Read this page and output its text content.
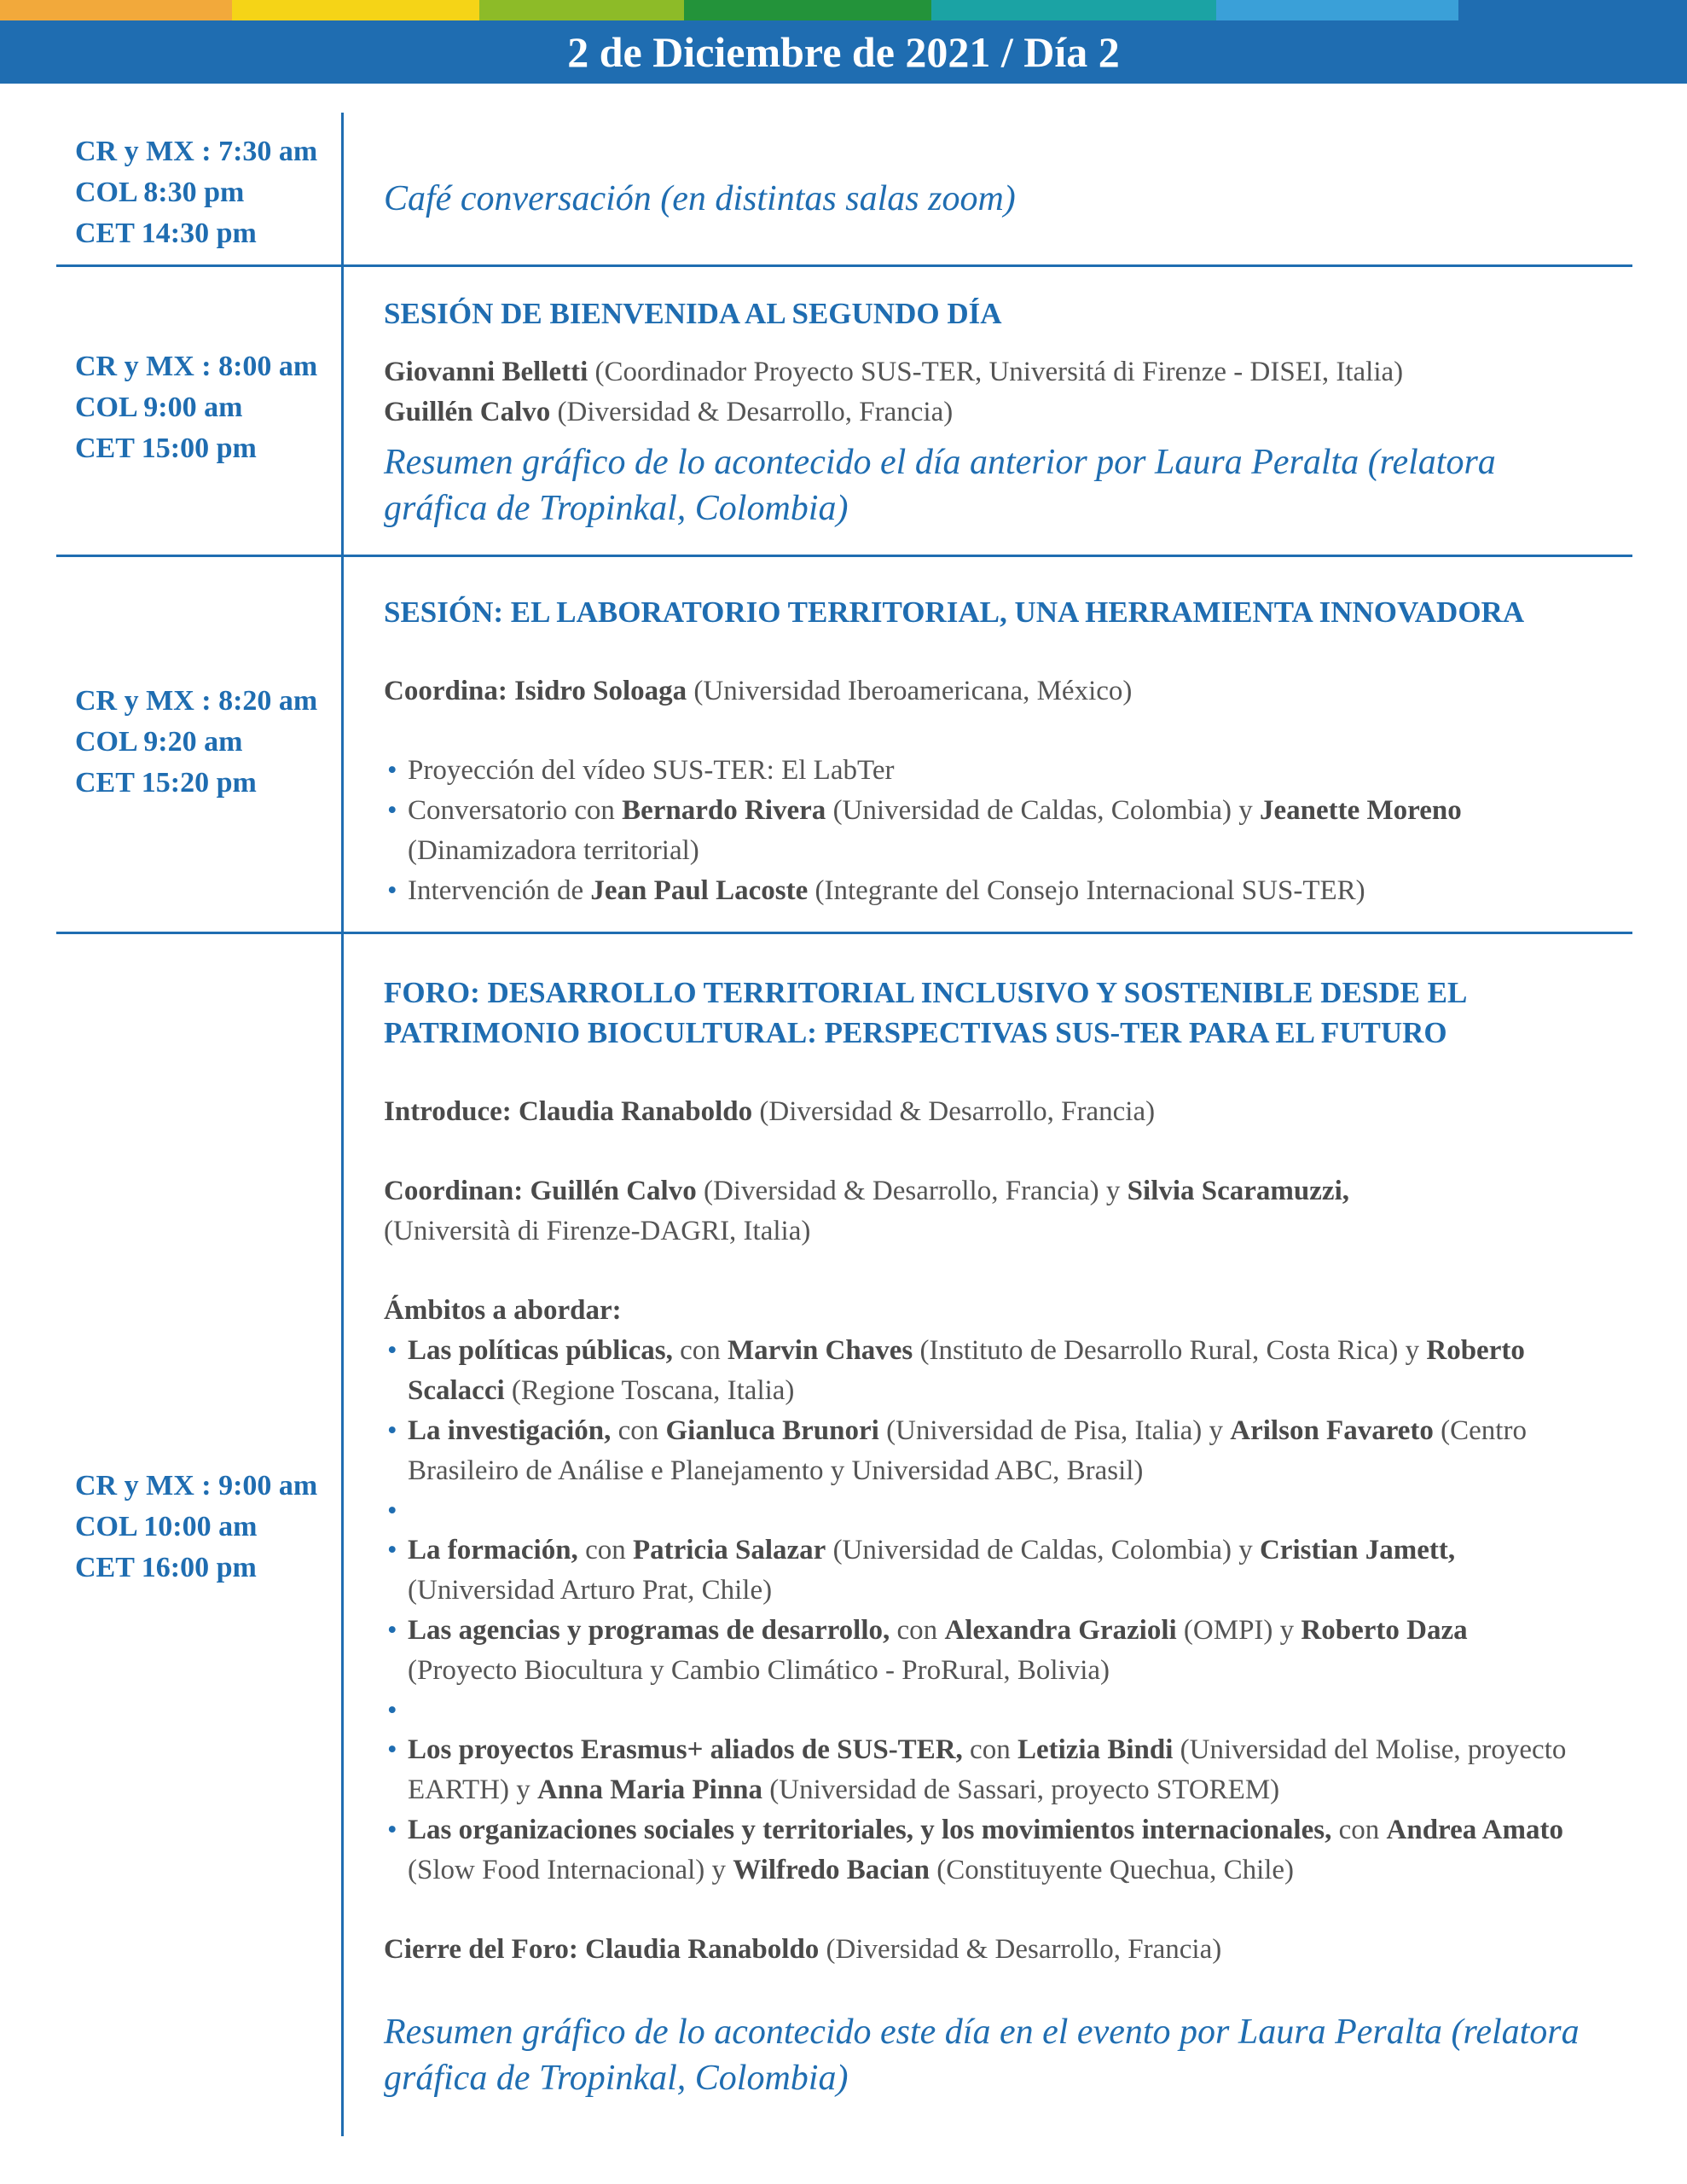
2 de Diciembre de 2021 / Día 2
CR y MX : 7:30 am
COL 8:30 pm
CET 14:30 pm
Café conversación (en distintas salas zoom)
CR y MX : 8:00 am
COL 9:00 am
CET 15:00 pm
SESIÓN DE BIENVENIDA AL SEGUNDO DÍA
Giovanni Belletti (Coordinador Proyecto SUS-TER, Universitá di Firenze - DISEI, Italia)
Guillén Calvo (Diversidad & Desarrollo, Francia)
Resumen gráfico de lo acontecido el día anterior por Laura Peralta (relatora gráfica de Tropinkal, Colombia)
CR y MX : 8:20 am
COL 9:20 am
CET 15:20 pm
SESIÓN: EL LABORATORIO TERRITORIAL, UNA HERRAMIENTA INNOVADORA
Coordina: Isidro Soloaga (Universidad Iberoamericana, México)
• Proyección del vídeo SUS-TER: El LabTer
• Conversatorio con Bernardo Rivera (Universidad de Caldas, Colombia) y Jeanette Moreno (Dinamizadora territorial)
• Intervención de Jean Paul Lacoste (Integrante del Consejo Internacional SUS-TER)
CR y MX : 9:00 am
COL 10:00 am
CET 16:00 pm
FORO: DESARROLLO TERRITORIAL INCLUSIVO Y SOSTENIBLE DESDE EL PATRIMONIO BIOCULTURAL: PERSPECTIVAS SUS-TER PARA EL FUTURO
Introduce: Claudia Ranaboldo (Diversidad & Desarrollo, Francia)
Coordinan: Guillén Calvo (Diversidad & Desarrollo, Francia) y Silvia Scaramuzzi,
(Università di Firenze-DAGRI, Italia)
Ámbitos a abordar:
• Las políticas públicas, con Marvin Chaves (Instituto de Desarrollo Rural, Costa Rica) y Roberto Scalacci (Regione Toscana, Italia)
• La investigación, con Gianluca Brunori (Universidad de Pisa, Italia) y Arilson Favareto (Centro Brasileiro de Análise e Planejamento y Universidad ABC, Brasil)
•
• La formación, con Patricia Salazar (Universidad de Caldas, Colombia) y Cristian Jamett, (Universidad Arturo Prat, Chile)
• Las agencias y programas de desarrollo, con Alexandra Grazioli (OMPI) y Roberto Daza (Proyecto Biocultura y Cambio Climático - ProRural, Bolivia)
•
• Los proyectos Erasmus+ aliados de SUS-TER, con Letizia Bindi (Universidad del Molise, proyecto EARTH) y Anna Maria Pinna (Universidad de Sassari, proyecto STOREM)
• Las organizaciones sociales y territoriales, y los movimientos internacionales, con Andrea Amato (Slow Food Internacional) y Wilfredo Bacian (Constituyente Quechua, Chile)
Cierre del Foro: Claudia Ranaboldo (Diversidad & Desarrollo, Francia)
Resumen gráfico de lo acontecido este día en el evento por Laura Peralta (relatora gráfica de Tropinkal, Colombia)
